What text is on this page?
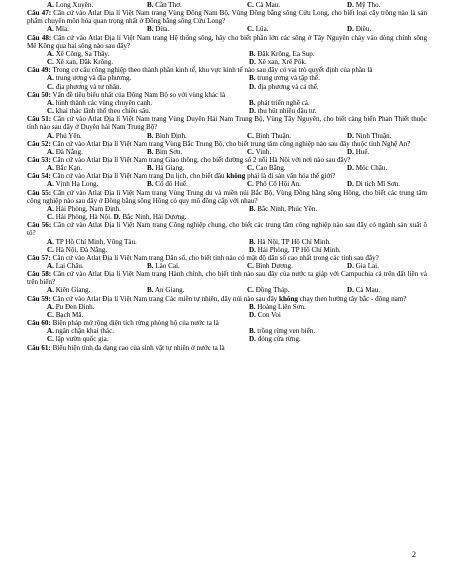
A. Long Xuyên.	B. Cần Thơ.	C. Cà Mau.	D. Mỹ Tho.
Câu 47: Căn cứ vào Atlat Địa lí Việt Nam trang Vùng Đông Nam Bộ, Vùng Đồng bằng sông Cửu Long, cho biết loại cây trồng nào là sản phẩm chuyên môn hóa quan trọng nhất ở Đồng bằng sông Cửu Long?
A. Mía.	B. Dừa.	C. Lúa.	D. Điều.
Câu 48: Căn cứ vào Atlat Địa lí Việt Nam trang Hệ thống sông, hãy cho biết phần lớn các sông ở Tây Nguyên chảy vào dòng chính sông Mê Kông qua hai sông nào sau đây?
A. Xê Công, Sa Thầy.	B. Đăk Krông, Ea Sup.
C. Xê xan, Đăk Krông.	D. Xê xan, Xrê Pôk.
Câu 49: Trong cơ cấu công nghiệp theo thành phần kinh tế, khu vực kinh tế nào sau đây có vai trò quyết định của phần là
A. trung ương và địa phương.	B. trung ương và tập thể.
C. địa phương và tư nhân.	D. địa phương và cá thể.
Câu 50: Vấn đề tiêu biểu nhất của Đông Nam Bộ so với vùng khác là
A. hình thành các vùng chuyên canh.	B. phát triển nghề cá.
C. khai thác lãnh thổ theo chiều sâu.	D. thu hút nhiều đầu tư.
Câu 51: Căn cứ vào Atlat Địa lí Việt Nam trang Vùng Duyên Hải Nam Trung Bộ, Vùng Tây Nguyên, cho biết càng biển Phan Thiết thuộc tỉnh nào sau đây ở Duyên hải Nam Trung Bộ?
A. Phú Yên.	B. Bình Định.	C. Bình Thuận.	D. Ninh Thuận.
Câu 52: Căn cứ vào Atlat Địa lí Việt Nam trang Vùng Bắc Trung Bộ, cho biết trung tâm công nghiệp nào sau đây thuộc tỉnh Nghệ An?
A. Đà Nẵng.	B. Bỉm Sơn.	C. Vinh.	D. Huế.
Câu 53: Căn cứ vào Atlat Địa lí Việt Nam trang Giao thông, cho biết đường số 2 nối Hà Nội với nơi nào sau đây?
A. Bắc Kạn.	B. Hà Giang.	C. Cao Bằng.	D. Móc Châu.
Câu 54: Căn cứ vào Atlat Địa lí Việt Nam trang Du lịch, cho biết đâu không phải là di sản văn hóa thế giới?
A. Vịnh Hạ Long.	B. Cố đô Huế.	C. Phố Cổ Hội An.	D. Di tích Mĩ Sơn.
Câu 55: Căn cứ vào Atlat Địa lí Việt Nam trang Vùng Trung du và miền núi Bắc Bộ, Vùng Đồng bằng sông Hồng, cho biết các trung tâm công nghiệp nào sau đây ở Đồng bằng sông Hồng có quy mô đồng cấp với nhau?
A. Hải Phòng, Nam Định.	B. Bắc Ninh, Phúc Yên.
C. Hải Phòng, Hà Nội. D. Bắc Ninh, Hải Dương.
Câu 56: Căn cứ vào Atlat Địa lí Việt Nam trang Công nghiệp chung, cho biết các trung tâm công nghiệp nào sau đây có ngành sản xuất ô tô?
A. TP Hồ Chí Minh, Vũng Tàu.	B. Hà Nội, TP Hồ Chí Minh.
C. Hà Nội, Đà Nẵng.	D. Hải Phòng, TP Hồ Chí Minh.
Câu 57: Căn cứ vào Atlat Địa lí Việt Nam trang Dân số, cho biết tỉnh nào có mật độ dân số cao nhất trong các tỉnh sau đây?
A. Lai Châu.	B. Lào Cai.	C. Bình Dương.	D. Gia Lai.
Câu 58: Căn cứ vào Atlat Địa lí Việt Nam trang Hành chính, cho biết tỉnh nào sau đây của nước ta giáp với Campuchia cả trên đất liền và trên biển?
A. Kiên Giang.	B. An Giang.	C. Đồng Tháp.	D. Cà Mau.
Câu 59: Căn cứ vào Atlat Địa lí Việt Nam trang Các miền tự nhiên, dãy núi nào sau đây không chạy theo hướng tây bắc - đông nam?
A. Pu Đen Đinh.	B. Hoàng Liên Sơn.
C. Bạch Mã.	D. Con Voi
Câu 60: Biện pháp mở rộng diện tích rừng phòng hộ của nước ta là
A. ngăn chặn khai thác.	B. trồng rừng ven biển.
C. lập vườn quốc gia.	D. đóng cửa rừng.
Câu 61: Biểu hiện tính đa dạng cao của sinh vật tự nhiên ở nước ta là
2
